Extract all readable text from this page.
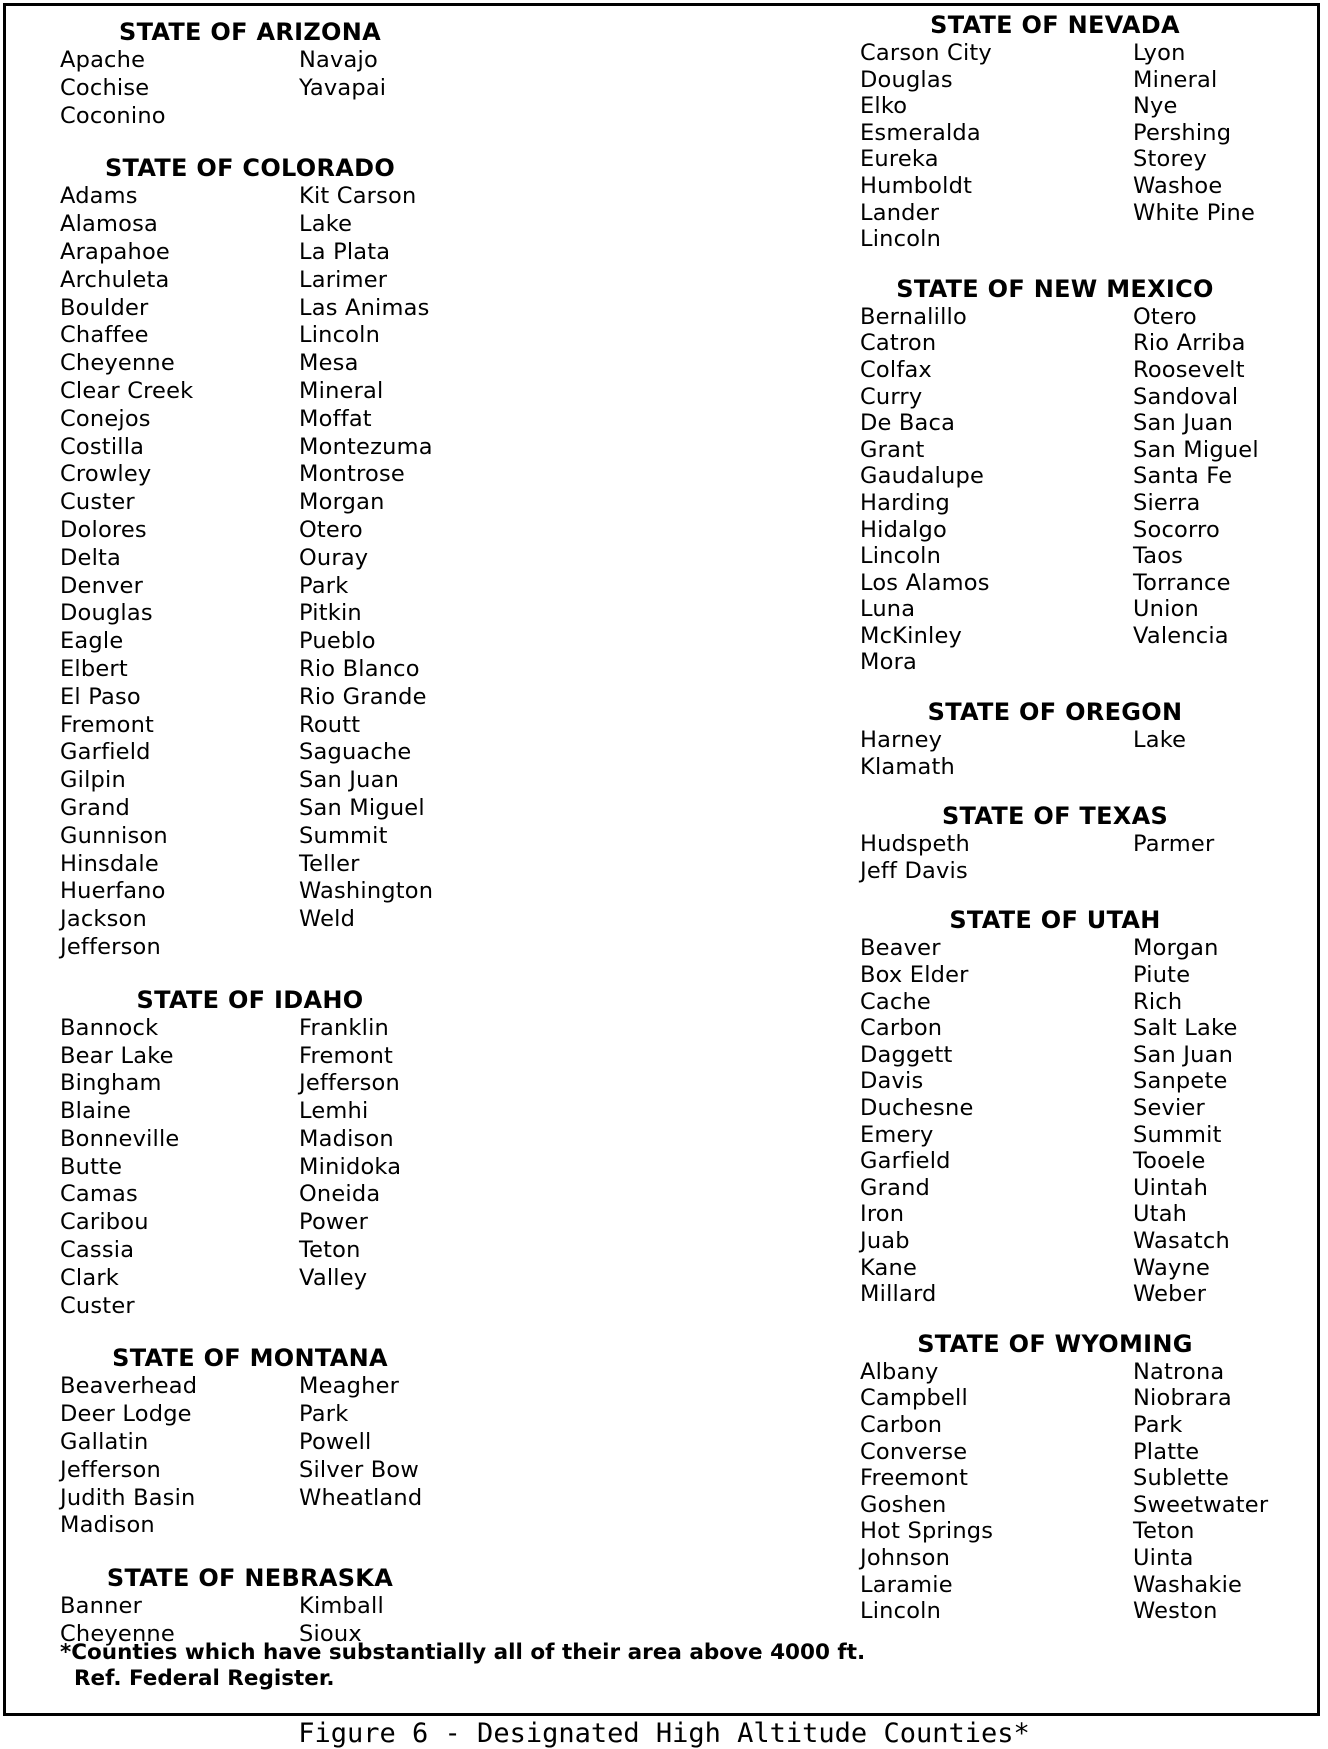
STATE OF ARIZONA
Apache
Cochise
Coconino
Navajo
Yavapai
STATE OF COLORADO
Adams
Alamosa
Arapahoe
Archuleta
Boulder
Chaffee
Cheyenne
Clear Creek
Conejos
Costilla
Crowley
Custer
Dolores
Delta
Denver
Douglas
Eagle
Elbert
El Paso
Fremont
Garfield
Gilpin
Grand
Gunnison
Hinsdale
Huerfano
Jackson
Jefferson
Kit Carson
Lake
La Plata
Larimer
Las Animas
Lincoln
Mesa
Mineral
Moffat
Montezuma
Montrose
Morgan
Otero
Ouray
Park
Pitkin
Pueblo
Rio Blanco
Rio Grande
Routt
Saguache
San Juan
San Miguel
Summit
Teller
Washington
Weld
STATE OF IDAHO
Bannock
Bear Lake
Bingham
Blaine
Bonneville
Butte
Camas
Caribou
Cassia
Clark
Custer
Franklin
Fremont
Jefferson
Lemhi
Madison
Minidoka
Oneida
Power
Teton
Valley
STATE OF MONTANA
Beaverhead
Deer Lodge
Gallatin
Jefferson
Judith Basin
Madison
Meagher
Park
Powell
Silver Bow
Wheatland
STATE OF NEBRASKA
Banner
Cheyenne
Kimball
Sioux
STATE OF NEVADA
Carson City
Douglas
Elko
Esmeralda
Eureka
Humboldt
Lander
Lincoln
Lyon
Mineral
Nye
Pershing
Storey
Washoe
White Pine
STATE OF NEW MEXICO
Bernalillo
Catron
Colfax
Curry
De Baca
Grant
Gaudalupe
Harding
Hidalgo
Lincoln
Los Alamos
Luna
McKinley
Mora
Otero
Rio Arriba
Roosevelt
Sandoval
San Juan
San Miguel
Santa Fe
Sierra
Socorro
Taos
Torrance
Union
Valencia
STATE OF OREGON
Harney
Klamath
Lake
STATE OF TEXAS
Hudspeth
Jeff Davis
Parmer
STATE OF UTAH
Beaver
Box Elder
Cache
Carbon
Daggett
Davis
Duchesne
Emery
Garfield
Grand
Iron
Juab
Kane
Millard
Morgan
Piute
Rich
Salt Lake
San Juan
Sanpete
Sevier
Summit
Tooele
Uintah
Utah
Wasatch
Wayne
Weber
STATE OF WYOMING
Albany
Campbell
Carbon
Converse
Freemont
Goshen
Hot Springs
Johnson
Laramie
Lincoln
Natrona
Niobrara
Park
Platte
Sublette
Sweetwater
Teton
Uinta
Washakie
Weston
*Counties which have substantially all of their area above 4000 ft.
Ref. Federal Register.
Figure 6 - Designated High Altitude Counties*
